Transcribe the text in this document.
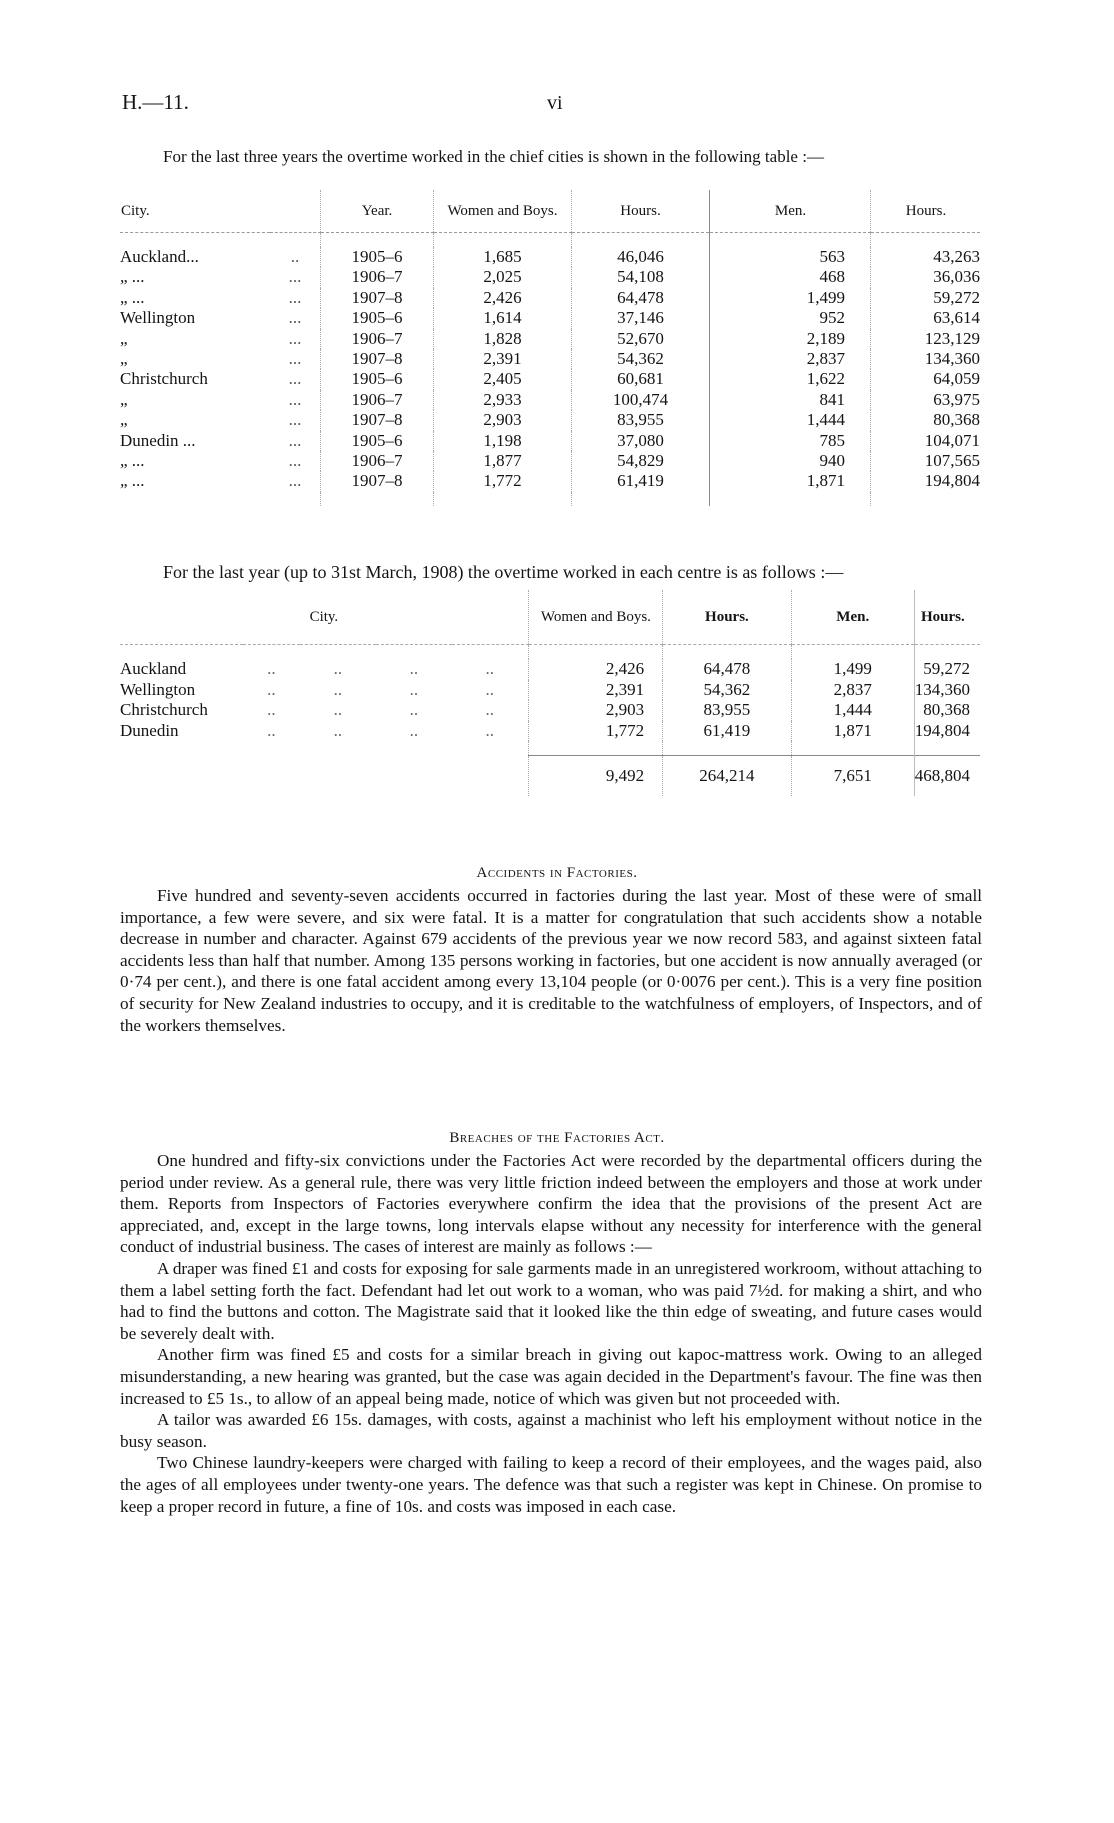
H.—11.	vi
For the last three years the overtime worked in the chief cities is shown in the following table :—
City.		Year.	Women and Boys.	Hours.	Men.	Hours.

Auckland...	..	1905–6	1,685	46,046	563	43,263
„ ...	...	1906–7	2,025	54,108	468	36,036
„ ...	...	1907–8	2,426	64,478	1,499	59,272
Wellington	...	1905–6	1,614	37,146	952	63,614
„	...	1906–7	1,828	52,670	2,189	123,129
„	...	1907–8	2,391	54,362	2,837	134,360
Christchurch	...	1905–6	2,405	60,681	1,622	64,059
„	...	1906–7	2,933	100,474	841	63,975
„	...	1907–8	2,903	83,955	1,444	80,368
Dunedin ...	...	1905–6	1,198	37,080	785	104,071
„ ...	...	1906–7	1,877	54,829	940	107,565
„ ...	...	1907–8	1,772	61,419	1,871	194,804

For the last year (up to 31st March, 1908) the overtime worked in each centre is as follows :—
City.					Women and Boys.	Hours.	Men.	Hours.

Auckland	..	..	..	..	2,426	64,478	1,499	59,272
Wellington	..	..	..	..	2,391	54,362	2,837	134,360
Christchurch	..	..	..	..	2,903	83,955	1,444	80,368
Dunedin	..	..	..	..	1,772	61,419	1,871	194,804

					9,492	264,214	7,651	468,804
Accidents in Factories.

Five hundred and seventy-seven accidents occurred in factories during the last year. Most of these were of small importance, a few were severe, and six were fatal. It is a matter for congratulation that such accidents show a notable decrease in number and character. Against 679 accidents of the previous year we now record 583, and against sixteen fatal accidents less than half that number. Among 135 persons working in factories, but one accident is now annually averaged (or 0·74 per cent.), and there is one fatal accident among every 13,104 people (or 0·0076 per cent.). This is a very fine position of security for New Zealand industries to occupy, and it is creditable to the watchfulness of employers, of Inspectors, and of the workers themselves.

Breaches of the Factories Act.

One hundred and fifty-six convictions under the Factories Act were recorded by the departmental officers during the period under review. As a general rule, there was very little friction indeed between the employers and those at work under them. Reports from Inspectors of Factories everywhere confirm the idea that the provisions of the present Act are appreciated, and, except in the large towns, long intervals elapse without any necessity for interference with the general conduct of industrial business. The cases of interest are mainly as follows :—

A draper was fined £1 and costs for exposing for sale garments made in an unregistered workroom, without attaching to them a label setting forth the fact. Defendant had let out work to a woman, who was paid 7½d. for making a shirt, and who had to find the buttons and cotton. The Magistrate said that it looked like the thin edge of sweating, and future cases would be severely dealt with.

Another firm was fined £5 and costs for a similar breach in giving out kapoc-mattress work. Owing to an alleged misunderstanding, a new hearing was granted, but the case was again decided in the Department's favour. The fine was then increased to £5 1s., to allow of an appeal being made, notice of which was given but not proceeded with.

A tailor was awarded £6 15s. damages, with costs, against a machinist who left his employment without notice in the busy season.

Two Chinese laundry-keepers were charged with failing to keep a record of their employees, and the wages paid, also the ages of all employees under twenty-one years. The defence was that such a register was kept in Chinese. On promise to keep a proper record in future, a fine of 10s. and costs was imposed in each case.
